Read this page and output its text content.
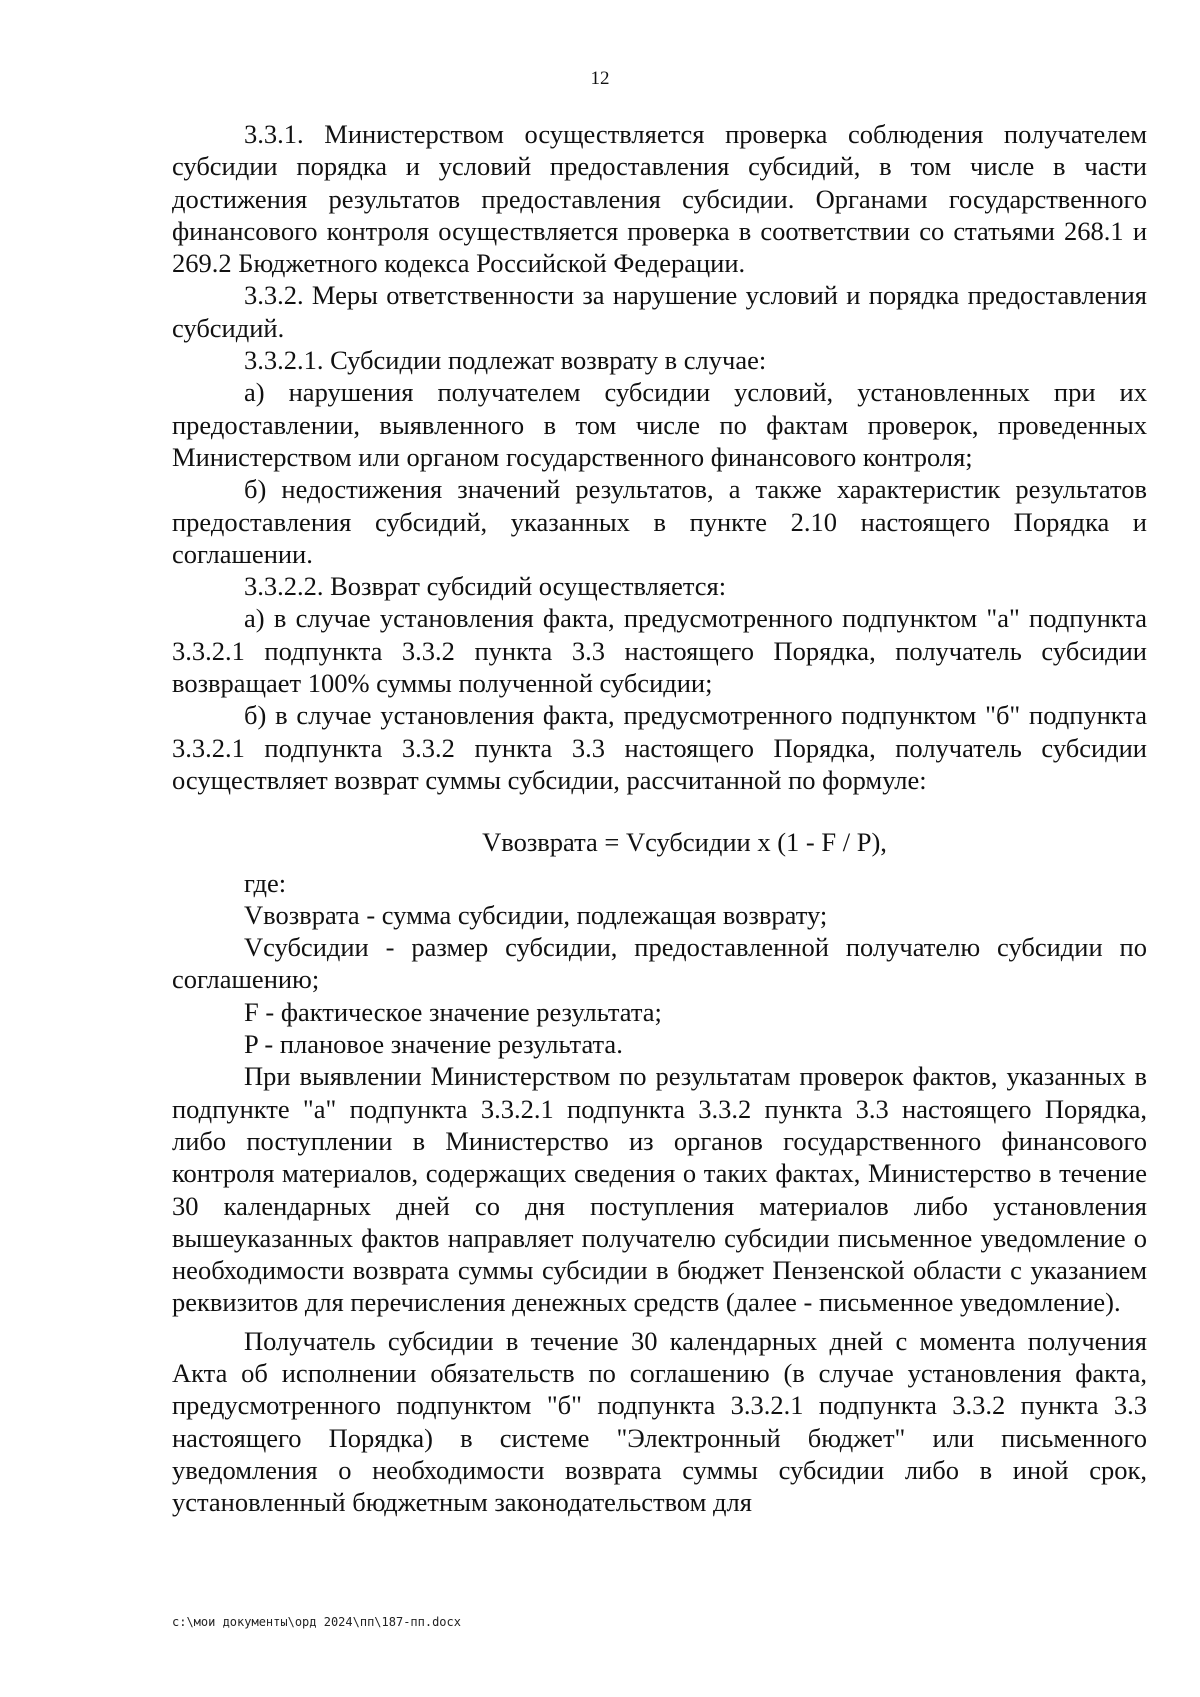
12

3.3.1. Министерством осуществляется проверка соблюдения получателем субсидии порядка и условий предоставления субсидий, в том числе в части достижения результатов предоставления субсидии. Органами государственного финансового контроля осуществляется проверка в соответствии со статьями 268.1 и 269.2 Бюджетного кодекса Российской Федерации.

3.3.2. Меры ответственности за нарушение условий и порядка предоставления субсидий.

3.3.2.1. Субсидии подлежат возврату в случае:

а) нарушения получателем субсидии условий, установленных при их предоставлении, выявленного в том числе по фактам проверок, проведенных Министерством или органом государственного финансового контроля;

б) недостижения значений результатов, а также характеристик результатов предоставления субсидий, указанных в пункте 2.10 настоящего Порядка и соглашении.

3.3.2.2. Возврат субсидий осуществляется:

а) в случае установления факта, предусмотренного подпунктом "а" подпункта 3.3.2.1 подпункта 3.3.2 пункта 3.3 настоящего Порядка, получатель субсидии возвращает 100% суммы полученной субсидии;

б) в случае установления факта, предусмотренного подпунктом "б" подпункта 3.3.2.1 подпункта 3.3.2 пункта 3.3 настоящего Порядка, получатель субсидии осуществляет возврат суммы субсидии, рассчитанной по формуле:

Vвозврата = Vсубсидии x (1 - F / P),

где:

Vвозврата - сумма субсидии, подлежащая возврату;

Vсубсидии - размер субсидии, предоставленной получателю субсидии по соглашению;

F - фактическое значение результата;

P - плановое значение результата.

При выявлении Министерством по результатам проверок фактов, указанных в подпункте "а" подпункта 3.3.2.1 подпункта 3.3.2 пункта 3.3 настоящего Порядка, либо поступлении в Министерство из органов государственного финансового контроля материалов, содержащих сведения о таких фактах, Министерство в течение 30 календарных дней со дня поступления материалов либо установления вышеуказанных фактов направляет получателю субсидии письменное уведомление о необходимости возврата суммы субсидии в бюджет Пензенской области с указанием реквизитов для перечисления денежных средств (далее - письменное уведомление).

Получатель субсидии в течение 30 календарных дней с момента получения Акта об исполнении обязательств по соглашению (в случае установления факта, предусмотренного подпунктом "б" подпункта 3.3.2.1 подпункта 3.3.2 пункта 3.3 настоящего Порядка) в системе "Электронный бюджет" или письменного уведомления о необходимости возврата суммы субсидии либо в иной срок, установленный бюджетным законодательством для

c:\мои документы\орд 2024\пп\187-пп.docx
